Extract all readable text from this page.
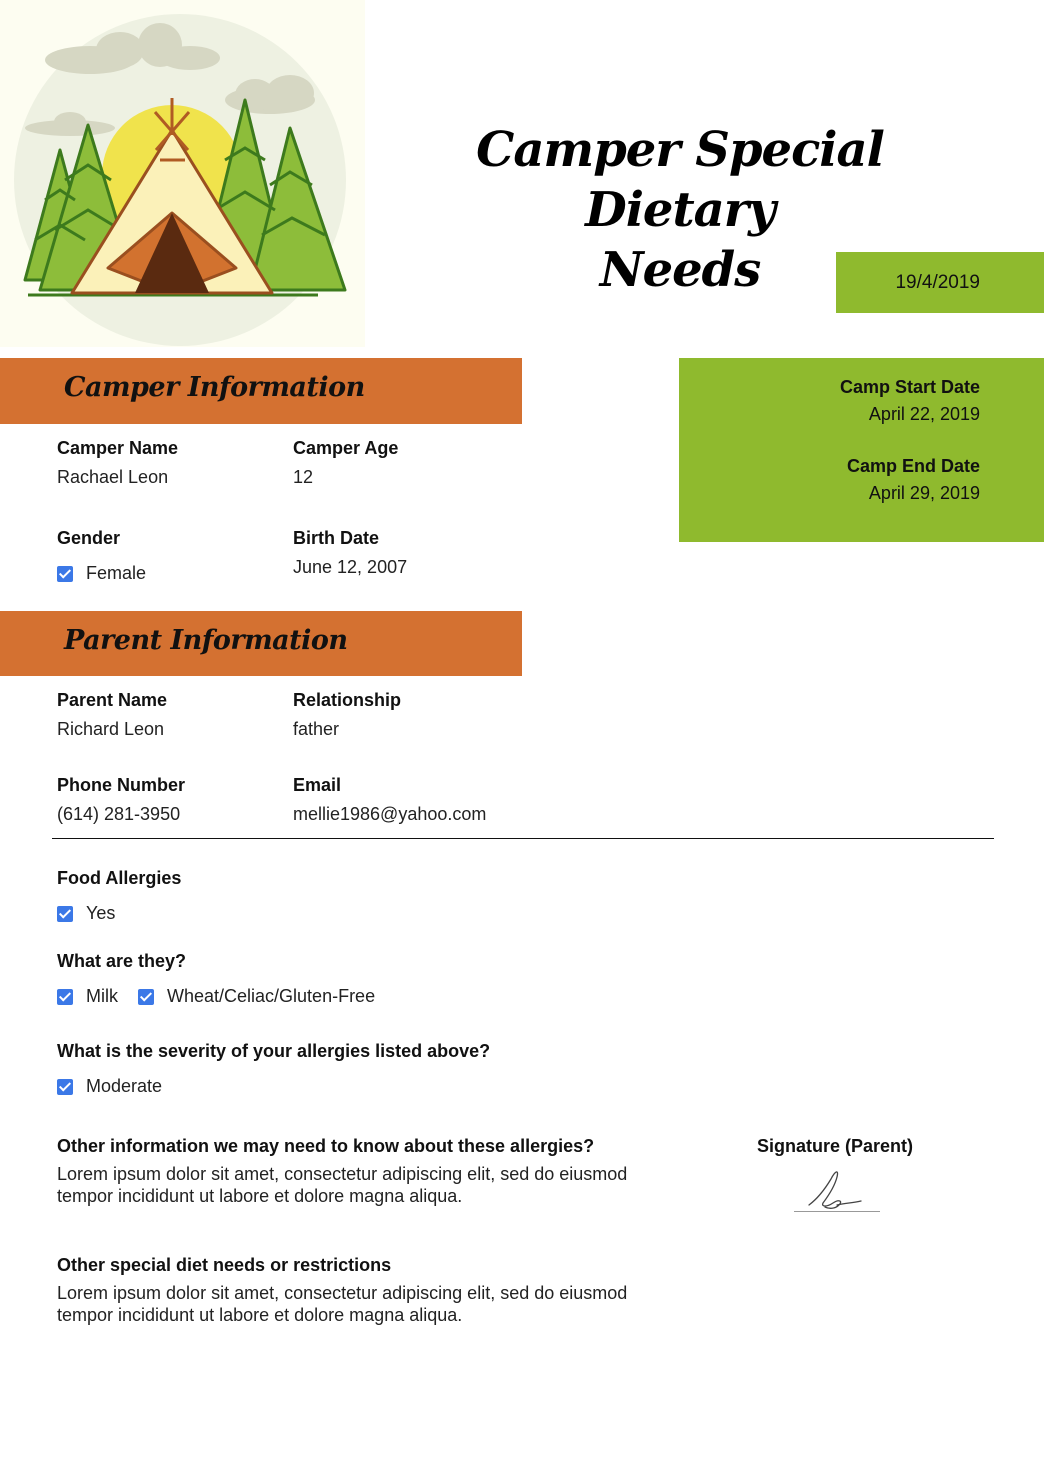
Camper Special Dietary
Needs	19/4/2019
Camp Start Date
April 22, 2019
Camp End Date
April 29, 2019
Camper Information
Camper Name
Rachael Leon
Camper Age
12
Gender
Female
Birth Date
June 12, 2007
Parent Information
Parent Name
Richard Leon
Relationship
father
Phone Number
(614) 281-3950
Email
mellie1986@yahoo.com
Food Allergies
Yes
What are they?
Milk	Wheat/Celiac/Gluten-Free
What is the severity of your allergies listed above?
Moderate
Other information we may need to know about these allergies?
Lorem ipsum dolor sit amet, consectetur adipiscing elit, sed do eiusmod tempor incididunt ut labore et dolore magna aliqua.
Other special diet needs or restrictions
Lorem ipsum dolor sit amet, consectetur adipiscing elit, sed do eiusmod tempor incididunt ut labore et dolore magna aliqua.
Signature (Parent)
